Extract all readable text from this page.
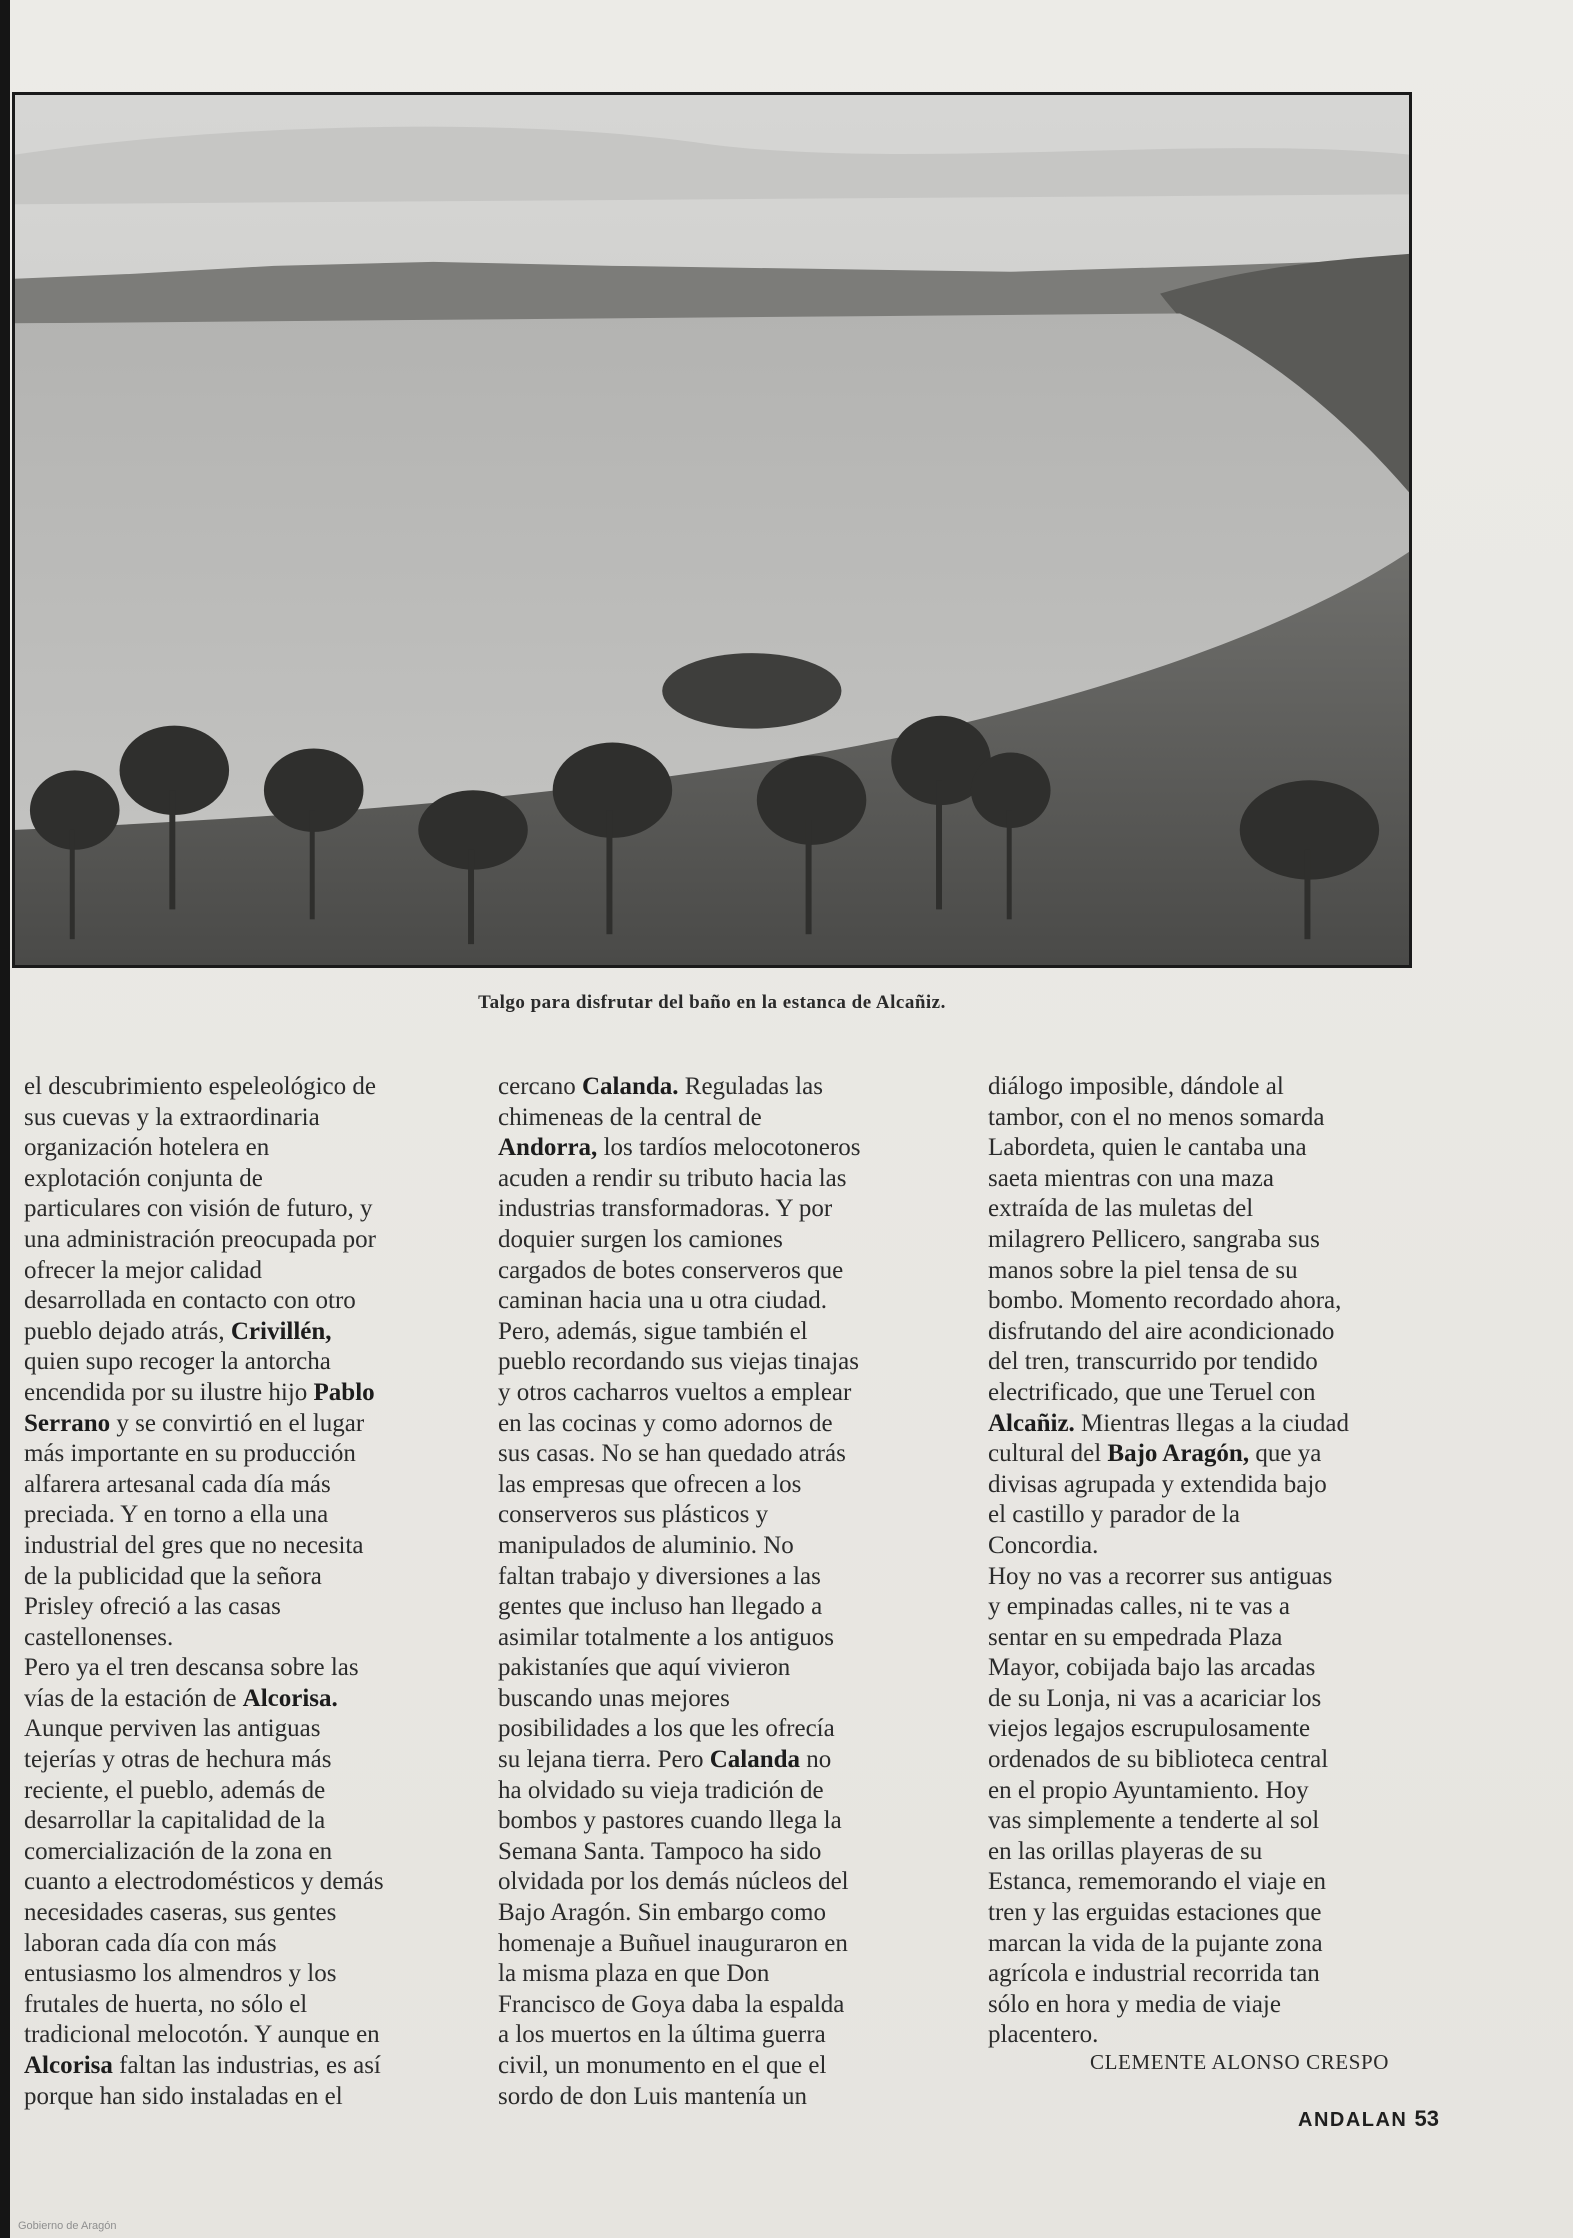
Talgo para disfrutar del baño en la estanca de Alcañiz.
el descubrimiento espeleológico de
sus cuevas y la extraordinaria
organización hotelera en
explotación conjunta de
particulares con visión de futuro, y
una administración preocupada por
ofrecer la mejor calidad
desarrollada en contacto con otro
pueblo dejado atrás, Crivillén,
quien supo recoger la antorcha
encendida por su ilustre hijo Pablo
Serrano y se convirtió en el lugar
más importante en su producción
alfarera artesanal cada día más
preciada. Y en torno a ella una
industrial del gres que no necesita
de la publicidad que la señora
Prisley ofreció a las casas
castellonenses.
Pero ya el tren descansa sobre las
vías de la estación de Alcorisa.
Aunque perviven las antiguas
tejerías y otras de hechura más
reciente, el pueblo, además de
desarrollar la capitalidad de la
comercialización de la zona en
cuanto a electrodomésticos y demás
necesidades caseras, sus gentes
laboran cada día con más
entusiasmo los almendros y los
frutales de huerta, no sólo el
tradicional melocotón. Y aunque en
Alcorisa faltan las industrias, es así
porque han sido instaladas en el
cercano Calanda. Reguladas las
chimeneas de la central de
Andorra, los tardíos melocotoneros
acuden a rendir su tributo hacia las
industrias transformadoras. Y por
doquier surgen los camiones
cargados de botes conserveros que
caminan hacia una u otra ciudad.
Pero, además, sigue también el
pueblo recordando sus viejas tinajas
y otros cacharros vueltos a emplear
en las cocinas y como adornos de
sus casas. No se han quedado atrás
las empresas que ofrecen a los
conserveros sus plásticos y
manipulados de aluminio. No
faltan trabajo y diversiones a las
gentes que incluso han llegado a
asimilar totalmente a los antiguos
pakistaníes que aquí vivieron
buscando unas mejores
posibilidades a los que les ofrecía
su lejana tierra. Pero Calanda no
ha olvidado su vieja tradición de
bombos y pastores cuando llega la
Semana Santa. Tampoco ha sido
olvidada por los demás núcleos del
Bajo Aragón. Sin embargo como
homenaje a Buñuel inauguraron en
la misma plaza en que Don
Francisco de Goya daba la espalda
a los muertos en la última guerra
civil, un monumento en el que el
sordo de don Luis mantenía un
diálogo imposible, dándole al
tambor, con el no menos somarda
Labordeta, quien le cantaba una
saeta mientras con una maza
extraída de las muletas del
milagrero Pellicero, sangraba sus
manos sobre la piel tensa de su
bombo. Momento recordado ahora,
disfrutando del aire acondicionado
del tren, transcurrido por tendido
electrificado, que une Teruel con
Alcañiz. Mientras llegas a la ciudad
cultural del Bajo Aragón, que ya
divisas agrupada y extendida bajo
el castillo y parador de la
Concordia.
Hoy no vas a recorrer sus antiguas
y empinadas calles, ni te vas a
sentar en su empedrada Plaza
Mayor, cobijada bajo las arcadas
de su Lonja, ni vas a acariciar los
viejos legajos escrupulosamente
ordenados de su biblioteca central
en el propio Ayuntamiento. Hoy
vas simplemente a tenderte al sol
en las orillas playeras de su
Estanca, rememorando el viaje en
tren y las erguidas estaciones que
marcan la vida de la pujante zona
agrícola e industrial recorrida tan
sólo en hora y media de viaje
placentero.
CLEMENTE ALONSO CRESPO
ANDALAN 53
Gobierno de Aragón
